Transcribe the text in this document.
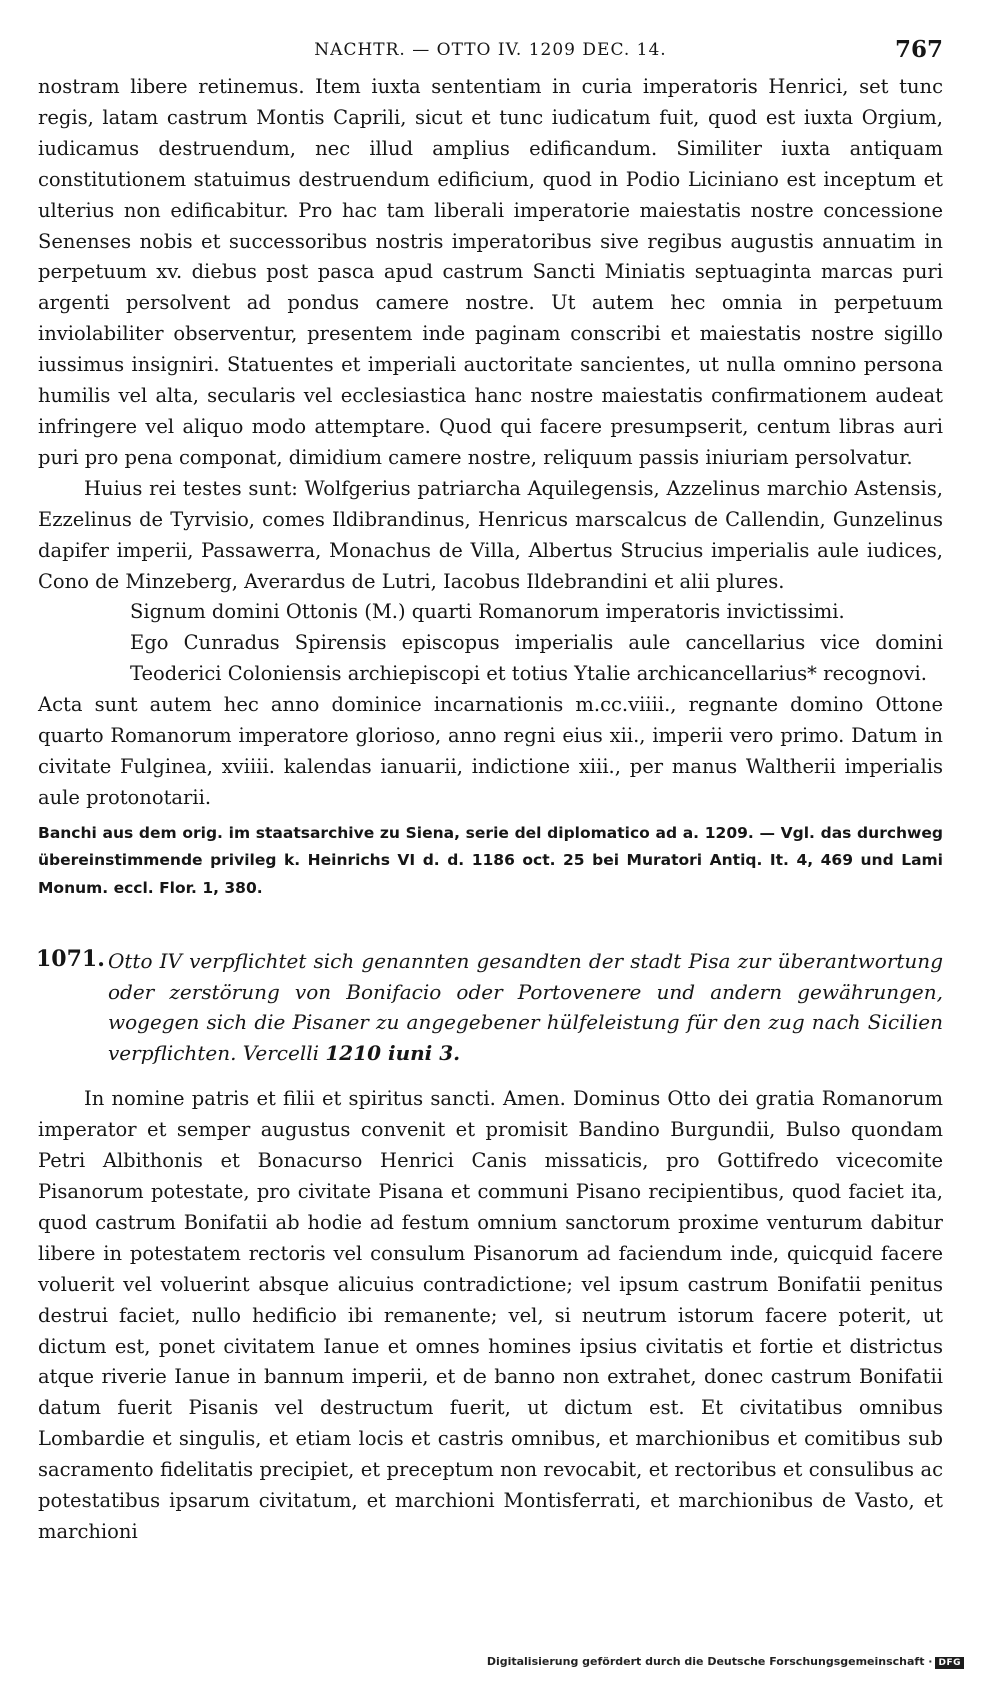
NACHTR. — OTTO IV. 1209 DEC. 14.	767

nostram libere retinemus. Item iuxta sententiam in curia imperatoris Henrici, set tunc regis, latam castrum Montis Caprili, sicut et tunc iudicatum fuit, quod est iuxta Orgium, iudicamus destruendum, nec illud amplius edificandum. Similiter iuxta antiquam constitutionem statuimus destruendum edificium, quod in Podio Liciniano est inceptum et ulterius non edificabitur. Pro hac tam liberali imperatorie maiestatis nostre concessione Senenses nobis et successoribus nostris imperatoribus sive regibus augustis annuatim in perpetuum xv. diebus post pasca apud castrum Sancti Miniatis septuaginta marcas puri argenti persolvent ad pondus camere nostre. Ut autem hec omnia in perpetuum inviolabiliter observentur, presentem inde paginam conscribi et maiestatis nostre sigillo iussimus insigniri. Statuentes et imperiali auctoritate sancientes, ut nulla omnino persona humilis vel alta, secularis vel ecclesiastica hanc nostre maiestatis confirmationem audeat infringere vel aliquo modo attemptare. Quod qui facere presumpserit, centum libras auri puri pro pena componat, dimidium camere nostre, reliquum passis iniuriam persolvatur.

Huius rei testes sunt: Wolfgerius patriarcha Aquilegensis, Azzelinus marchio Astensis, Ezzelinus de Tyrvisio, comes Ildibrandinus, Henricus marscalcus de Callendin, Gunzelinus dapifer imperii, Passawerra, Monachus de Villa, Albertus Strucius imperialis aule iudices, Cono de Minzeberg, Averardus de Lutri, Iacobus Ildebrandini et alii plures.

Signum domini Ottonis (M.) quarti Romanorum imperatoris invictissimi.

Ego Cunradus Spirensis episcopus imperialis aule cancellarius vice domini Teoderici Coloniensis archiepiscopi et totius Ytalie archicancellarius* recognovi.

Acta sunt autem hec anno dominice incarnationis m.cc.viiii., regnante domino Ottone quarto Romanorum imperatore glorioso, anno regni eius xii., imperii vero primo. Datum in civitate Fulginea, xviiii. kalendas ianuarii, indictione xiii., per manus Waltherii imperialis aule protonotarii.

Banchi aus dem orig. im staatsarchive zu Siena, serie del diplomatico ad a. 1209. — Vgl. das durchweg übereinstimmende privileg k. Heinrichs VI d. d. 1186 oct. 25 bei Muratori Antiq. It. 4, 469 und Lami Monum. eccl. Flor. 1, 380.

1071. Otto IV verpflichtet sich genannten gesandten der stadt Pisa zur überantwortung oder zerstörung von Bonifacio oder Portovenere und andern gewährungen, wogegen sich die Pisaner zu angegebener hülfeleistung für den zug nach Sicilien verpflichten. Vercelli 1210 iuni 3.

In nomine patris et filii et spiritus sancti. Amen. Dominus Otto dei gratia Romanorum imperator et semper augustus convenit et promisit Bandino Burgundii, Bulso quondam Petri Albithonis et Bonacurso Henrici Canis missaticis, pro Gottifredo vicecomite Pisanorum potestate, pro civitate Pisana et communi Pisano recipientibus, quod faciet ita, quod castrum Bonifatii ab hodie ad festum omnium sanctorum proxime venturum dabitur libere in potestatem rectoris vel consulum Pisanorum ad faciendum inde, quicquid facere voluerit vel voluerint absque alicuius contradictione; vel ipsum castrum Bonifatii penitus destrui faciet, nullo hedificio ibi remanente; vel, si neutrum istorum facere poterit, ut dictum est, ponet civitatem Ianue et omnes homines ipsius civitatis et fortie et districtus atque riverie Ianue in bannum imperii, et de banno non extrahet, donec castrum Bonifatii datum fuerit Pisanis vel destructum fuerit, ut dictum est. Et civitatibus omnibus Lombardie et singulis, et etiam locis et castris omnibus, et marchionibus et comitibus sub sacramento fidelitatis precipiet, et preceptum non revocabit, et rectoribus et consulibus ac potestatibus ipsarum civitatum, et marchioni Montisferrati, et marchionibus de Vasto, et marchioni

Digitalisierung gefördert durch die Deutsche Forschungsgemeinschaft · DFG
